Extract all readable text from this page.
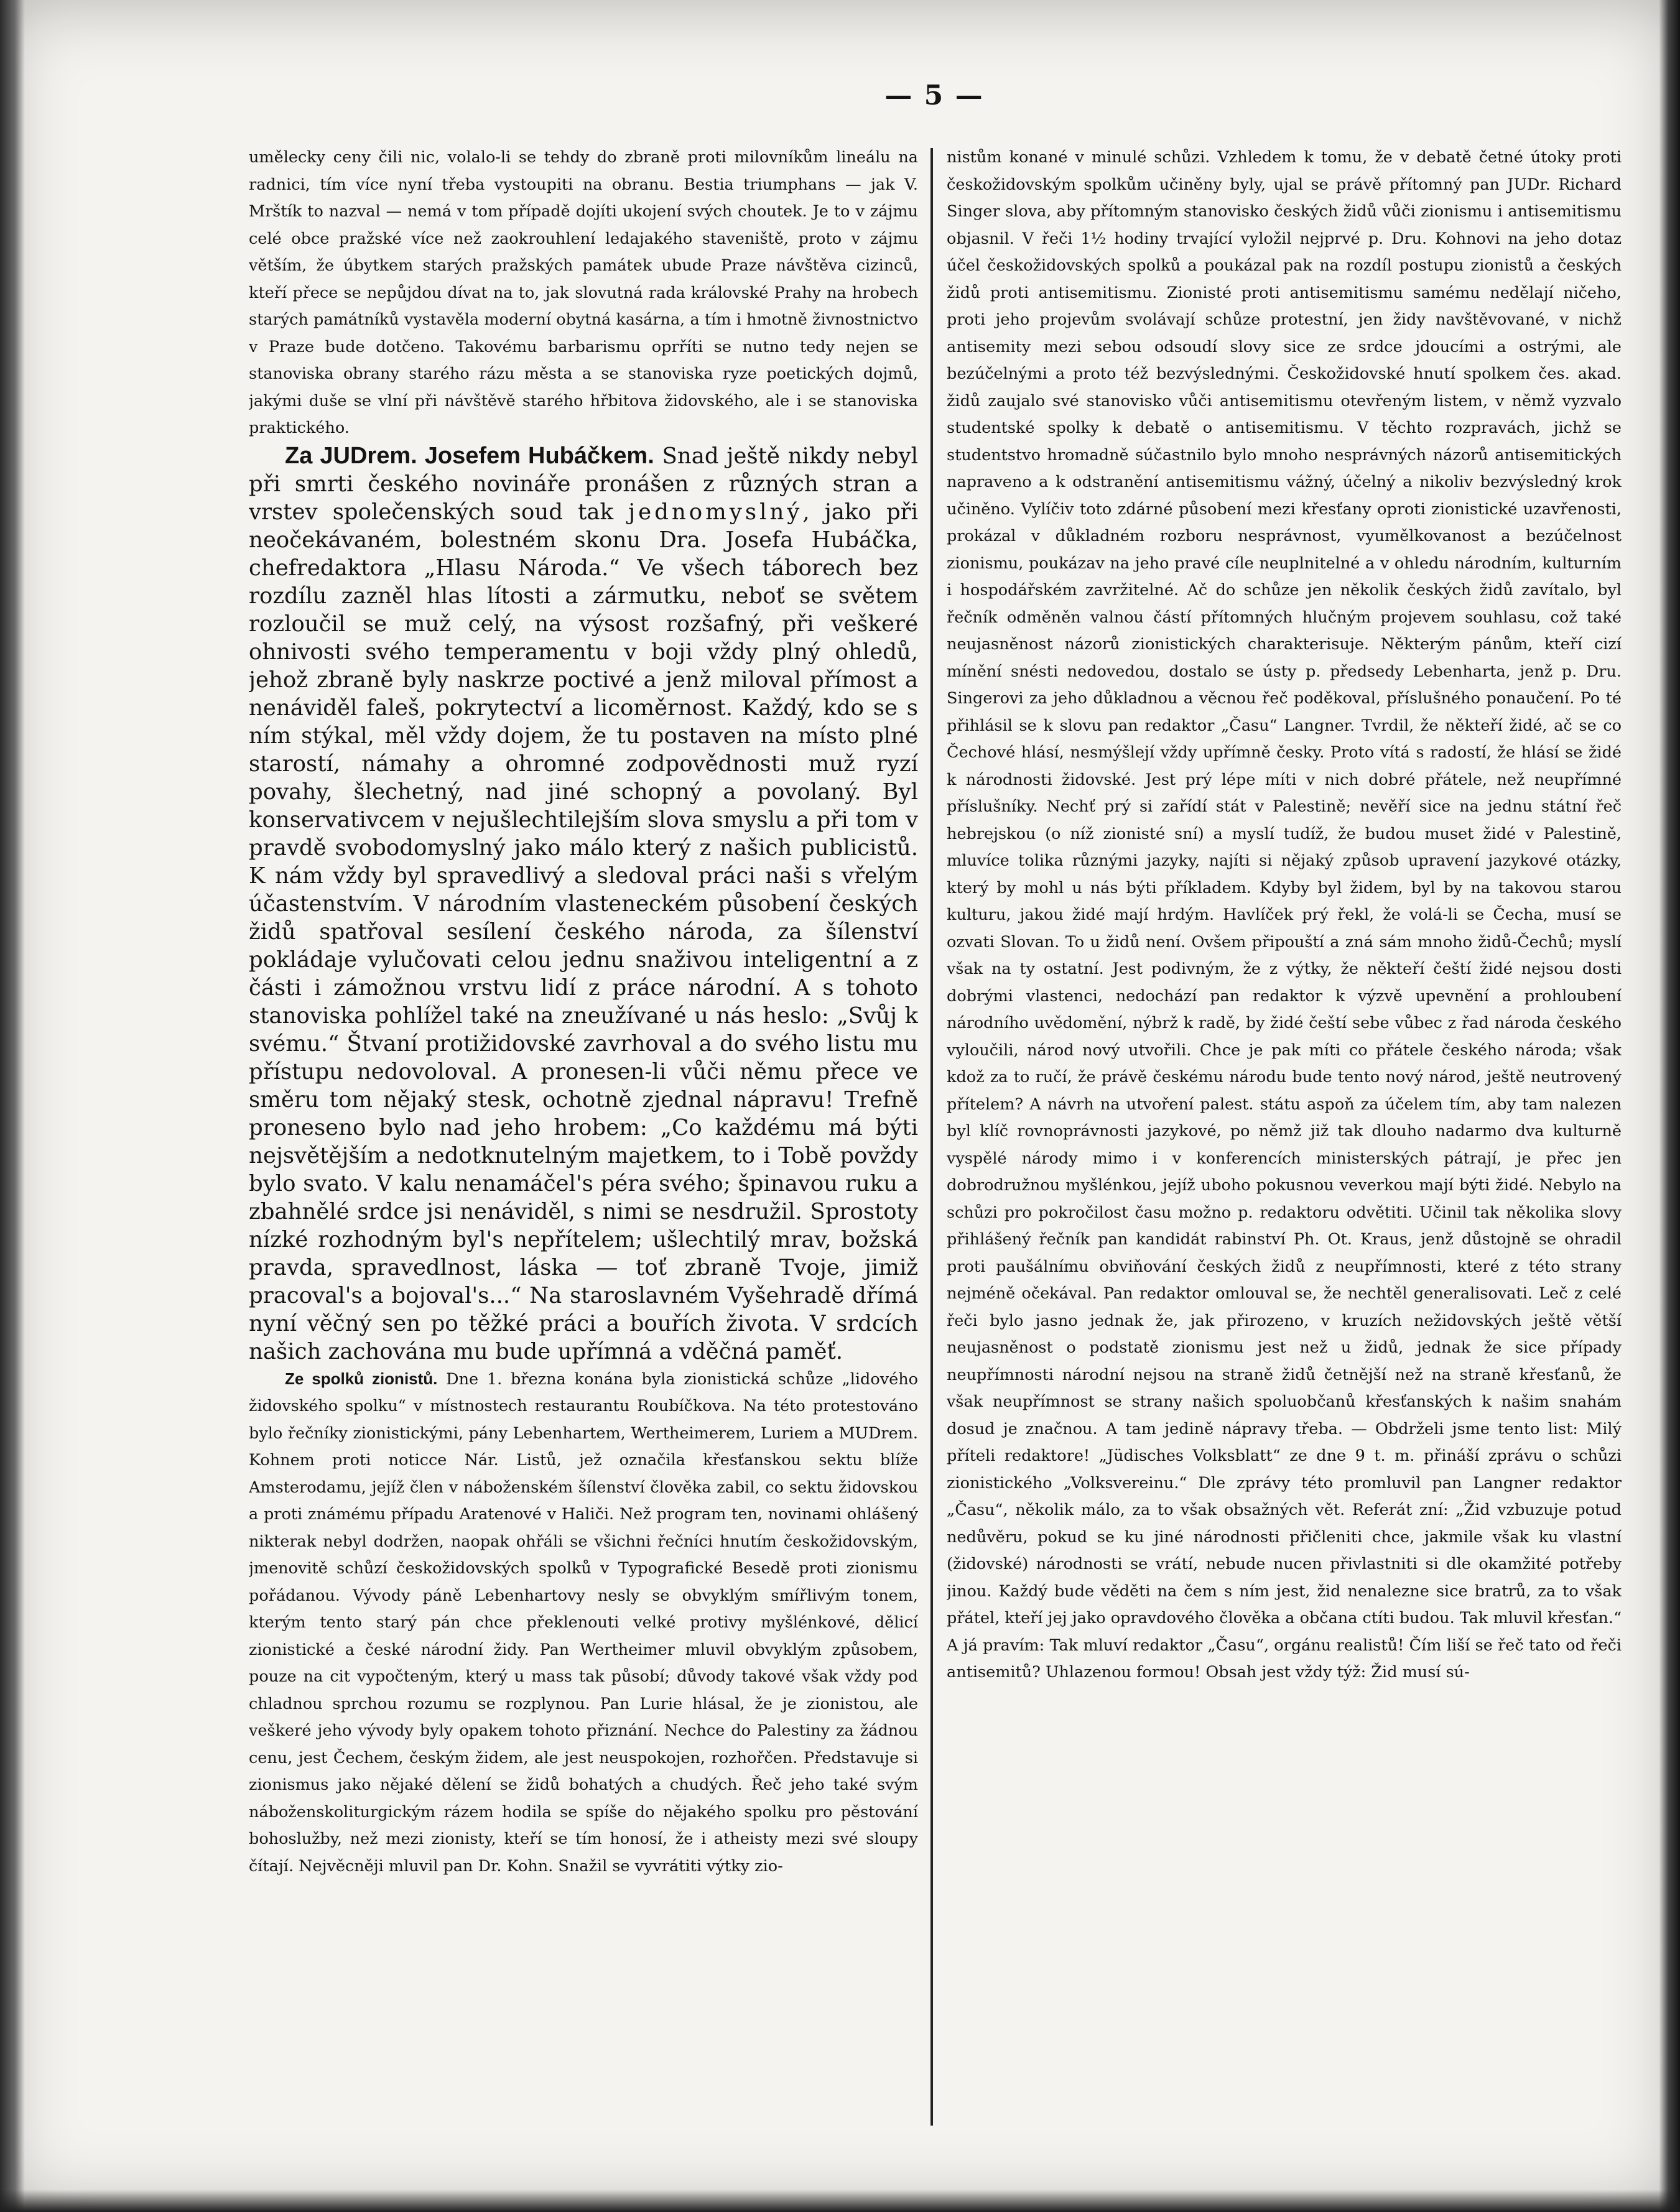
— 5 —

umělecky ceny čili nic, volalo-li se tehdy do zbraně proti milovníkům lineálu na radnici, tím více nyní třeba vystoupiti na obranu. Bestia triumphans — jak V. Mrštík to nazval — nemá v tom případě dojíti ukojení svých choutek. Je to v zájmu celé obce pražské více než zaokrouhlení ledajakého staveniště, proto v zájmu větším, že úbytkem starých pražských památek ubude Praze návštěva cizinců, kteří přece se nepůjdou dívat na to, jak slovutná rada královské Prahy na hrobech starých památníků vystavěla moderní obytná kasárna, a tím i hmotně živnostnictvo v Praze bude dotčeno. Takovému barbarismu oprříti se nutno tedy nejen se stanoviska obrany starého rázu města a se stanoviska ryze poetických dojmů, jakými duše se vlní při návštěvě starého hřbitova židovského, ale i se stanoviska praktického.

Za JUDrem. Josefem Hubáčkem. Snad ještě nikdy nebyl při smrti českého novináře pronášen z různých stran a vrstev společenských soud tak jednomyslný, jako při neočekávaném, bolestném skonu Dra. Josefa Hubáčka, chefredaktora „Hlasu Národa.“ Ve všech táborech bez rozdílu zazněl hlas lítosti a zármutku, neboť se světem rozloučil se muž celý, na výsost rozšafný, při veškeré ohnivosti svého temperamentu v boji vždy plný ohledů, jehož zbraně byly naskrze poctivé a jenž miloval přímost a nenáviděl faleš, pokrytectví a licoměrnost. Každý, kdo se s ním stýkal, měl vždy dojem, že tu postaven na místo plné starostí, námahy a ohromné zodpovědnosti muž ryzí povahy, šlechetný, nad jiné schopný a povolaný. Byl konservativcem v nejušlechtilejším slova smyslu a při tom v pravdě svobodomyslný jako málo který z našich publicistů. K nám vždy byl spravedlivý a sledoval práci naši s vřelým účastenstvím. V národním vlasteneckém působení českých židů spatřoval sesílení českého národa, za šílenství pokládaje vylučovati celou jednu snaživou inteligentní a z části i zámožnou vrstvu lidí z práce národní. A s tohoto stanoviska pohlížel také na zneužívané u nás heslo: „Svůj k svému.“ Štvaní protižidovské zavrhoval a do svého listu mu přístupu nedovoloval. A pronesen-li vůči němu přece ve směru tom nějaký stesk, ochotně zjednal nápravu! Trefně proneseno bylo nad jeho hrobem: „Co každému má býti nejsvětějším a nedotknutelným majetkem, to i Tobě povždy bylo svato. V kalu nenamáčel's péra svého; špinavou ruku a zbahnělé srdce jsi nenáviděl, s nimi se nesdružil. Sprostoty nízké rozhodným byl's nepřítelem; ušlechtilý mrav, božská pravda, spravedlnost, láska — toť zbraně Tvoje, jimiž pracoval's a bojoval's...“ Na staroslavném Vyšehradě dřímá nyní věčný sen po těžké práci a bouřích života. V srdcích našich zachována mu bude upřímná a vděčná paměť.

Ze spolků zionistů. Dne 1. března konána byla zionistická schůze „lidového židovského spolku“ v místnostech restaurantu Roubíčkova. Na této protestováno bylo řečníky zionistickými, pány Lebenhartem, Wertheimerem, Luriem a MUDrem. Kohnem proti noticce Nár. Listů, jež označila křesťanskou sektu blíže Amsterodamu, jejíž člen v náboženském šílenství člověka zabil, co sektu židovskou a proti známému případu Aratenové v Haliči. Než program ten, novinami ohlášený nikterak nebyl dodržen, naopak ohřáli se všichni řečníci hnutím českožidovským, jmenovitě schůzí českožidovských spolků v Typografické Besedě proti zionismu pořádanou. Vývody páně Lebenhartovy nesly se obvyklým smířlivým tonem, kterým tento starý pán chce překlenouti velké protivy myšlénkové, dělicí zionistické a české národní židy. Pan Wertheimer mluvil obvyklým způsobem, pouze na cit vypočteným, který u mass tak působí; důvody takové však vždy pod chladnou sprchou rozumu se rozplynou. Pan Lurie hlásal, že je zionistou, ale veškeré jeho vývody byly opakem tohoto přiznání. Nechce do Palestiny za žádnou cenu, jest Čechem, českým židem, ale jest neuspokojen, rozhořčen. Představuje si zionismus jako nějaké dělení se židů bohatých a chudých. Řeč jeho také svým náboženskoliturgickým rázem hodila se spíše do nějakého spolku pro pěstování bohoslužby, než mezi zionisty, kteří se tím honosí, že i atheisty mezi své sloupy čítají. Nejvěcněji mluvil pan Dr. Kohn. Snažil se vyvrátiti výtky zio-

nistům konané v minulé schůzi. Vzhledem k tomu, že v debatě četné útoky proti českožidovským spolkům učiněny byly, ujal se právě přítomný pan JUDr. Richard Singer slova, aby přítomným stanovisko českých židů vůči zionismu i antisemitismu objasnil. V řeči 1½ hodiny trvající vyložil nejprvé p. Dru. Kohnovi na jeho dotaz účel českožidovských spolků a poukázal pak na rozdíl postupu zionistů a českých židů proti antisemitismu. Zionisté proti antisemitismu samému nedělají ničeho, proti jeho projevům svolávají schůze protestní, jen židy navštěvované, v nichž antisemity mezi sebou odsoudí slovy sice ze srdce jdoucími a ostrými, ale bezúčelnými a proto též bezvýslednými. Českožidovské hnutí spolkem čes. akad. židů zaujalo své stanovisko vůči antisemitismu otevřeným listem, v němž vyzvalo studentské spolky k debatě o antisemitismu. V těchto rozpravách, jichž se studentstvo hromadně súčastnilo bylo mnoho nesprávných názorů antisemitických napraveno a k odstranění antisemitismu vážný, účelný a nikoliv bezvýsledný krok učiněno. Vylíčiv toto zdárné působení mezi křesťany oproti zionistické uzavřenosti, prokázal v důkladném rozboru nesprávnost, vyumělkovanost a bezúčelnost zionismu, poukázav na jeho pravé cíle neuplnitelné a v ohledu národním, kulturním i hospodářském zavržitelné. Ač do schůze jen několik českých židů zavítalo, byl řečník odměněn valnou částí přítomných hlučným projevem souhlasu, což také neujasněnost názorů zionistických charakterisuje. Některým pánům, kteří cizí mínění snésti nedovedou, dostalo se ústy p. předsedy Lebenharta, jenž p. Dru. Singerovi za jeho důkladnou a věcnou řeč poděkoval, příslušného ponaučení. Po té přihlásil se k slovu pan redaktor „Času“ Langner. Tvrdil, že někteří židé, ač se co Čechové hlásí, nesmýšlejí vždy upřímně česky. Proto vítá s radostí, že hlásí se židé k národnosti židovské. Jest prý lépe míti v nich dobré přátele, než neupřímné příslušníky. Nechť prý si zařídí stát v Palestině; nevěří sice na jednu státní řeč hebrejskou (o níž zionisté sní) a myslí tudíž, že budou muset židé v Palestině, mluvíce tolika různými jazyky, najíti si nějaký způsob upravení jazykové otázky, který by mohl u nás býti příkladem. Kdyby byl židem, byl by na takovou starou kulturu, jakou židé mají hrdým. Havlíček prý řekl, že volá-li se Čecha, musí se ozvati Slovan. To u židů není. Ovšem připouští a zná sám mnoho židů-Čechů; myslí však na ty ostatní. Jest podivným, že z výtky, že někteří čeští židé nejsou dosti dobrými vlastenci, nedochází pan redaktor k výzvě upevnění a prohloubení národního uvědomění, nýbrž k radě, by židé čeští sebe vůbec z řad národa českého vyloučili, národ nový utvořili. Chce je pak míti co přátele českého národa; však kdož za to ručí, že právě českému národu bude tento nový národ, ještě neutrovený přítelem? A návrh na utvoření palest. státu aspoň za účelem tím, aby tam nalezen byl klíč rovnoprávnosti jazykové, po němž již tak dlouho nadarmo dva kulturně vyspělé národy mimo i v konferencích ministerských pátrají, je přec jen dobrodružnou myšlénkou, jejíž uboho pokusnou veverkou mají býti židé. Nebylo na schůzi pro pokročilost času možno p. redaktoru odvětiti. Učinil tak několika slovy přihlášený řečník pan kandidát rabinství Ph. Ot. Kraus, jenž důstojně se ohradil proti paušálnímu obviňování českých židů z neupřímnosti, které z této strany nejméně očekával. Pan redaktor omlouval se, že nechtěl generalisovati. Leč z celé řeči bylo jasno jednak že, jak přirozeno, v kruzích nežidovských ještě větší neujasněnost o podstatě zionismu jest než u židů, jednak že sice případy neupřímnosti národní nejsou na straně židů četnější než na straně křesťanů, že však neupřímnost se strany našich spoluobčanů křesťanských k našim snahám dosud je značnou. A tam jedině nápravy třeba. — Obdrželi jsme tento list: Milý příteli redaktore! „Jüdisches Volksblatt“ ze dne 9 t. m. přináší zprávu o schůzi zionistického „Volksvereinu.“ Dle zprávy této promluvil pan Langner redaktor „Času“, několik málo, za to však obsažných vět. Referát zní: „Žid vzbuzuje potud nedůvěru, pokud se ku jiné národnosti přičleniti chce, jakmile však ku vlastní (židovské) národnosti se vrátí, nebude nucen přivlastniti si dle okamžité potřeby jinou. Každý bude věděti na čem s ním jest, žid nenalezne sice bratrů, za to však přátel, kteří jej jako opravdového člověka a občana ctíti budou. Tak mluvil křesťan.“ A já pravím: Tak mluví redaktor „Času“, orgánu realistů! Čím liší se řeč tato od řeči antisemitů? Uhlazenou formou! Obsah jest vždy týž: Žid musí sú-
